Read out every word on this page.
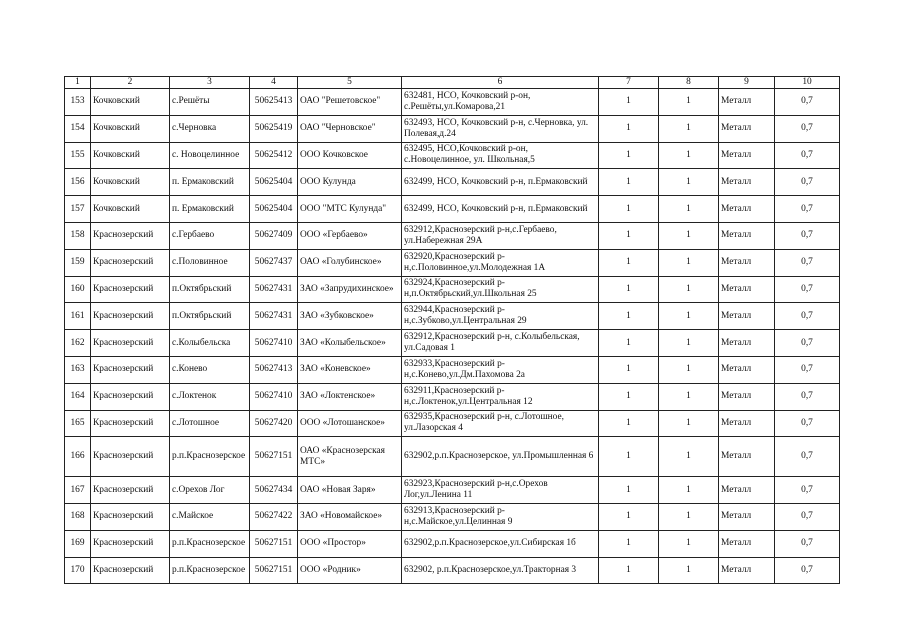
1	2	3	4	5	6	7	8	9	10
153	Кочковский	с.Решёты	50625413	ОАО "Решетовское"	632481, НСО, Кочковский р-он, с.Решёты,ул.Комарова,21	1	1	Металл	0,7
154	Кочковский	с.Черновка	50625419	ОАО "Черновское"	632493, НСО, Кочковский р-н, с.Черновка, ул. Полевая,д.24	1	1	Металл	0,7
155	Кочковский	с. Новоцелинное	50625412	ООО Кочковское	632495, НСО,Кочковский р-он, с.Новоцелинное, ул. Школьная,5	1	1	Металл	0,7
156	Кочковский	п. Ермаковский	50625404	ООО Кулунда	632499, НСО, Кочковский р-н, п.Ермаковский	1	1	Металл	0,7
157	Кочковский	п. Ермаковский	50625404	ООО "МТС Кулунда"	632499, НСО, Кочковский р-н, п.Ермаковский	1	1	Металл	0,7
158	Краснозерский	с.Гербаево	50627409	ООО «Гербаево»	632912,Краснозерский р-н,с.Гербаево, ул.Набережная 29А	1	1	Металл	0,7
159	Краснозерский	с.Половинное	50627437	ОАО «Голубинское»	632920,Краснозерский р-н,с.Половинное,ул.Молодежная 1А	1	1	Металл	0,7
160	Краснозерский	п.Октябрьский	50627431	ЗАО «Запрудихинское»	632924,Краснозерский р-н,п.Октябрьский,ул.Школьная 25	1	1	Металл	0,7
161	Краснозерский	п.Октябрьский	50627431	ЗАО «Зубковское»	632944,Краснозерский р-н,с.Зубково,ул.Центральная 29	1	1	Металл	0,7
162	Краснозерский	с.Колыбельска	50627410	ЗАО «Колыбельское»	632912,Краснозерский р-н, с.Колыбельская, ул.Садовая 1	1	1	Металл	0,7
163	Краснозерский	с.Конево	50627413	ЗАО «Коневское»	632933,Краснозерский р-н,с.Конево,ул.Дм.Пахомова 2а	1	1	Металл	0,7
164	Краснозерский	с.Локтенок	50627410	ЗАО «Локтенское»	632911,Краснозерский р-н,с.Локтенок,ул.Центральная 12	1	1	Металл	0,7
165	Краснозерский	с.Лотошное	50627420	ООО «Лотошанское»	632935,Краснозерский р-н, с.Лотошное, ул.Лазорская 4	1	1	Металл	0,7
166	Краснозерский	р.п.Краснозерское	50627151	ОАО «Краснозерская МТС»	632902,р.п.Краснозерское, ул.Промышленная 6	1	1	Металл	0,7
167	Краснозерский	с.Орехов Лог	50627434	ОАО «Новая Заря»	632923,Краснозерский р-н,с.Орехов Лог,ул.Ленина 11	1	1	Металл	0,7
168	Краснозерский	с.Майское	50627422	ЗАО «Новомайское»	632913,Краснозерский р-н,с.Майское,ул.Целинная 9	1	1	Металл	0,7
169	Краснозерский	р.п.Краснозерское	50627151	ООО «Простор»	632902,р.п.Краснозерское,ул.Сибирская 1б	1	1	Металл	0,7
170	Краснозерский	р.п.Краснозерское	50627151	ООО «Родник»	632902, р.п.Краснозерское,ул.Тракторная 3	1	1	Металл	0,7
